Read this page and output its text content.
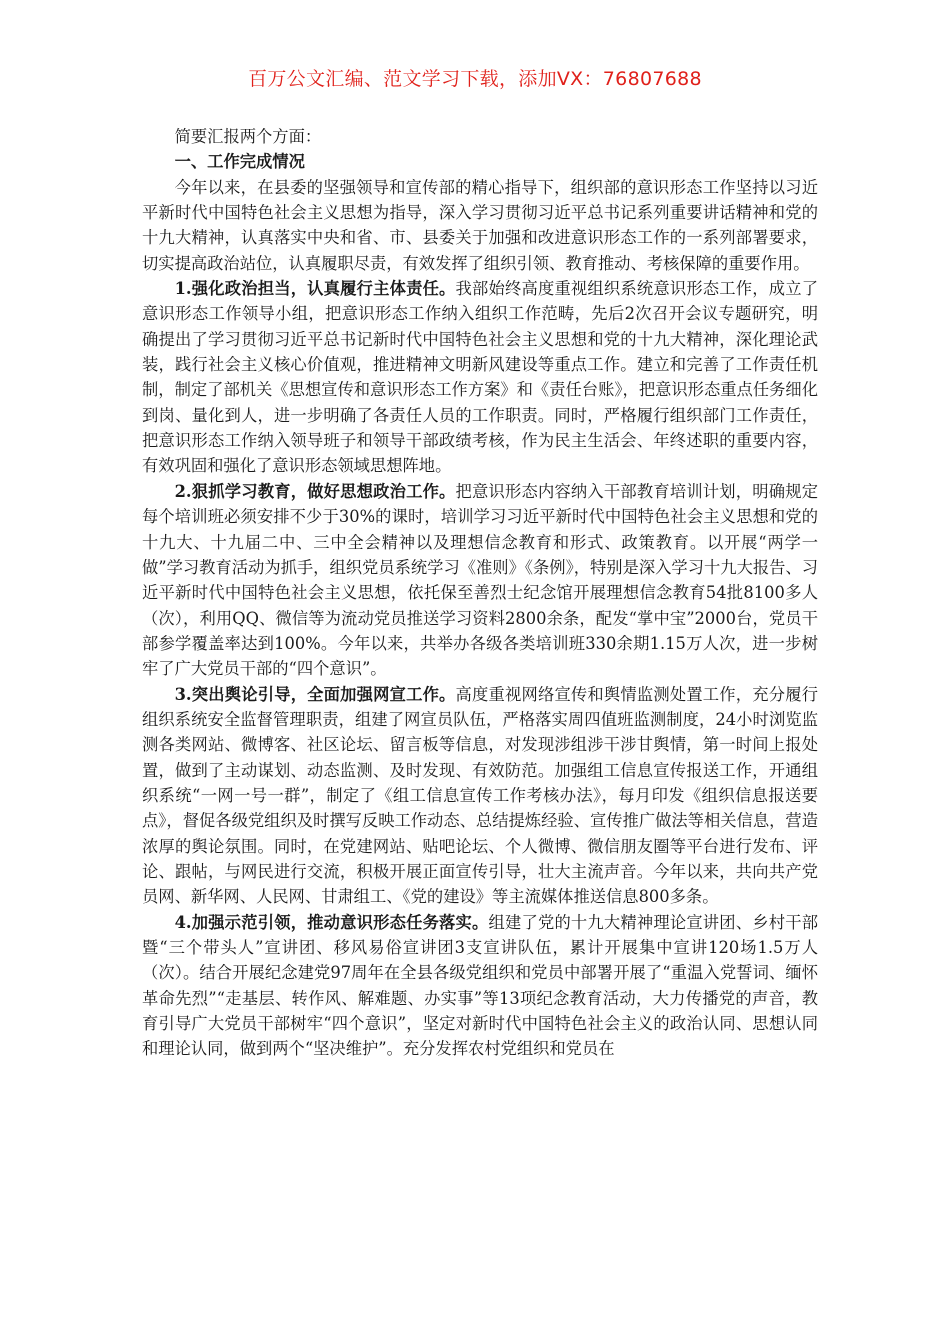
百万公文汇编、范文学习下载，添加VX：76807688

简要汇报两个方面：

一、工作完成情况

今年以来，在县委的坚强领导和宣传部的精心指导下，组织部的意识形态工作坚持以习近平新时代中国特色社会主义思想为指导，深入学习贯彻习近平总书记系列重要讲话精神和党的十九大精神，认真落实中央和省、市、县委关于加强和改进意识形态工作的一系列部署要求，切实提高政治站位，认真履职尽责，有效发挥了组织引领、教育推动、考核保障的重要作用。

1.强化政治担当，认真履行主体责任。我部始终高度重视组织系统意识形态工作，成立了意识形态工作领导小组，把意识形态工作纳入组织工作范畴，先后2次召开会议专题研究，明确提出了学习贯彻习近平总书记新时代中国特色社会主义思想和党的十九大精神，深化理论武装，践行社会主义核心价值观，推进精神文明新风建设等重点工作。建立和完善了工作责任机制，制定了部机关《思想宣传和意识形态工作方案》和《责任台账》，把意识形态重点任务细化到岗、量化到人，进一步明确了各责任人员的工作职责。同时，严格履行组织部门工作责任，把意识形态工作纳入领导班子和领导干部政绩考核，作为民主生活会、年终述职的重要内容，有效巩固和强化了意识形态领域思想阵地。

2.狠抓学习教育，做好思想政治工作。把意识形态内容纳入干部教育培训计划，明确规定每个培训班必须安排不少于30%的课时，培训学习习近平新时代中国特色社会主义思想和党的十九大、十九届二中、三中全会精神以及理想信念教育和形式、政策教育。以开展“两学一做”学习教育活动为抓手，组织党员系统学习《准则》《条例》，特别是深入学习十九大报告、习近平新时代中国特色社会主义思想，依托保至善烈士纪念馆开展理想信念教育54批8100多人（次），利用QQ、微信等为流动党员推送学习资料2800余条，配发“掌中宝”2000台，党员干部参学覆盖率达到100%。今年以来，共举办各级各类培训班330余期1.15万人次，进一步树牢了广大党员干部的“四个意识”。

3.突出舆论引导，全面加强网宣工作。高度重视网络宣传和舆情监测处置工作，充分履行组织系统安全监督管理职责，组建了网宣员队伍，严格落实周四值班监测制度，24小时浏览监测各类网站、微博客、社区论坛、留言板等信息，对发现涉组涉干涉甘舆情，第一时间上报处置，做到了主动谋划、动态监测、及时发现、有效防范。加强组工信息宣传报送工作，开通组织系统“一网一号一群”，制定了《组工信息宣传工作考核办法》，每月印发《组织信息报送要点》，督促各级党组织及时撰写反映工作动态、总结提炼经验、宣传推广做法等相关信息，营造浓厚的舆论氛围。同时，在党建网站、贴吧论坛、个人微博、微信朋友圈等平台进行发布、评论、跟帖，与网民进行交流，积极开展正面宣传引导，壮大主流声音。今年以来，共向共产党员网、新华网、人民网、甘肃组工、《党的建设》等主流媒体推送信息800多条。

4.加强示范引领，推动意识形态任务落实。组建了党的十九大精神理论宣讲团、乡村干部暨“三个带头人”宣讲团、移风易俗宣讲团3支宣讲队伍，累计开展集中宣讲120场1.5万人（次）。结合开展纪念建党97周年在全县各级党组织和党员中部署开展了“重温入党誓词、缅怀革命先烈”“走基层、转作风、解难题、办实事”等13项纪念教育活动，大力传播党的声音，教育引导广大党员干部树牢“四个意识”，坚定对新时代中国特色社会主义的政治认同、思想认同和理论认同，做到两个“坚决维护”。充分发挥农村党组织和党员在
